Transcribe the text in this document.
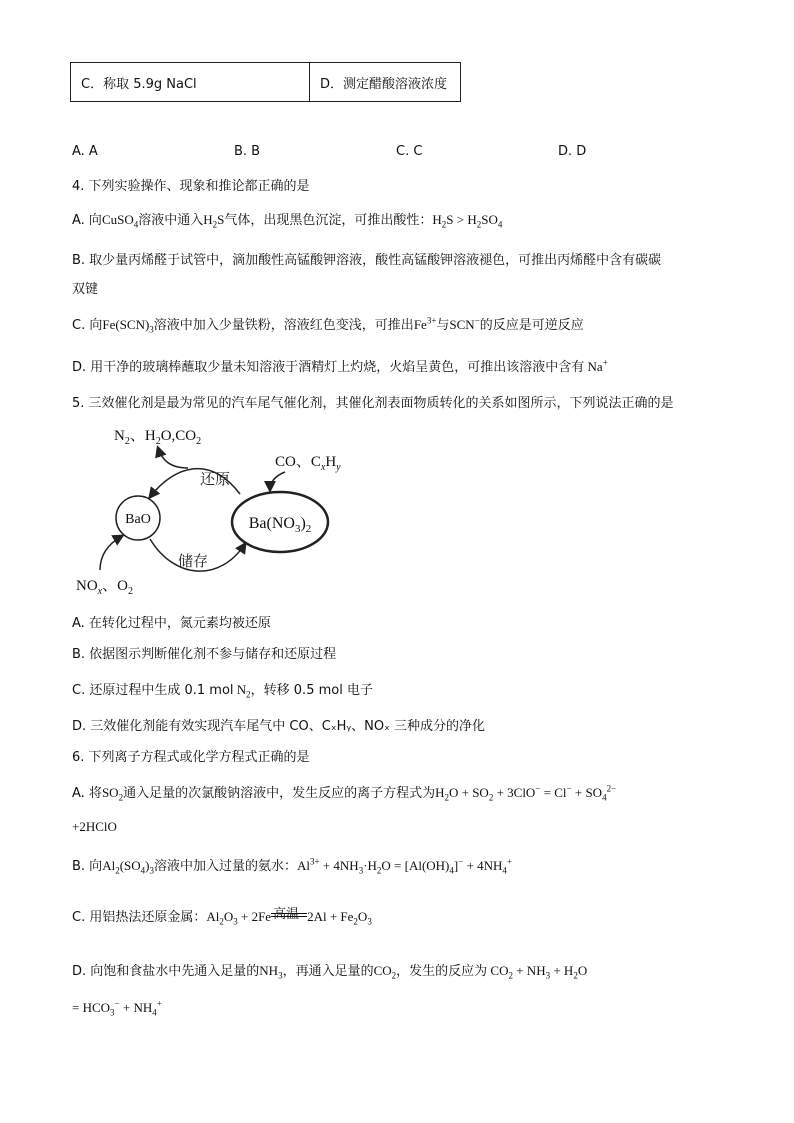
C．称取 5.9g NaCl	D．测定醋酸溶液浓度
A. A	B. B	C. C	D. D
4. 下列实验操作、现象和推论都正确的是
A. 向CuSO$_4$溶液中通入$H_2S$气体，出现黑色沉淀，可推出酸性：$H_2S > H_2SO_4$
B. 取少量丙烯醛于试管中，滴加酸性高锰酸钾溶液，酸性高锰酸钾溶液褪色，可推出丙烯醛中含有碳碳
双键
C. 向$Fe(SCN)_3$溶液中加入少量铁粉，溶液红色变浅，可推出$Fe^{3+}$与SCN−的反应是可逆反应
D. 用干净的玻璃棒蘸取少量未知溶液于酒精灯上灼烧，火焰呈黄色，可推出该溶液中含有 Na+
5. 三效催化剂是最为常见的汽车尾气催化剂，其催化剂表面物质转化的关系如图所示，下列说法正确的是
$N_2$、$H_2O,CO_2$
CO、$C_xH_y$
BaO	$Ba(NO_3)_2$
还原
储存
$NO_x$、$O_2$
A. 在转化过程中，氮元素均被还原
B. 依据图示判断催化剂不参与储存和还原过程
C. 还原过程中生成 0.1 mol $N_2$，转移 0.5 mol 电子
D. 三效催化剂能有效实现汽车尾气中 CO、CₓHᵧ、NOₓ 三种成分的净化
6. 下列离子方程式或化学方程式正确的是
A. 将$SO_2$通入足量的次氯酸钠溶液中，发生反应的离子方程式为$H_2O + SO_2 + 3ClO^- = Cl^- + SO_4^{2-}$
+2HClO
B. 向$Al_2(SO_4)_3$溶液中加入过量的氨水：$Al^{3+} + 4NH_3\cdot H_2O = [Al(OH)_4]^- + 4NH_4^+$
C. 用铝热法还原金属：$Al_2O_3 + 2Fe$ 高温 $2Al + Fe_2O_3$
D. 向饱和食盐水中先通入足量的$NH_3$，再通入足量的$CO_2$，发生的反应为 $CO_2 + NH_3 + H_2O$
= $HCO_3^- + NH_4^+$
